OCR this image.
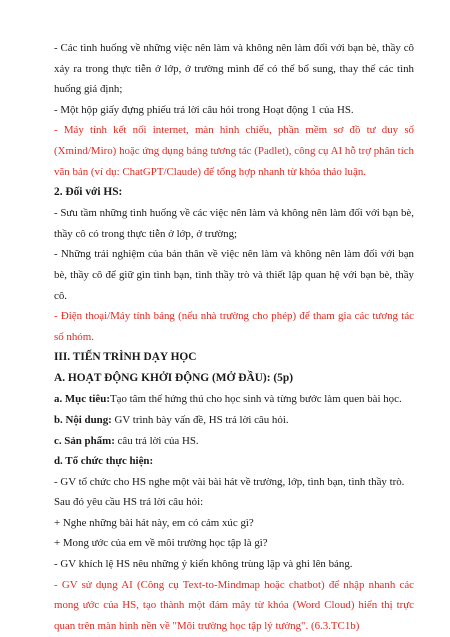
- Các tình huống về những việc nên làm và không nên làm đối với bạn bè, thầy cô xảy ra trong thực tiễn ở lớp, ở trường mình để có thể bổ sung, thay thế các tình huống giả định;

- Một hộp giấy đựng phiếu trả lời câu hỏi trong Hoạt động 1 của HS.

- Máy tính kết nối internet, màn hình chiếu, phần mềm sơ đồ tư duy số (Xmind/Miro) hoặc ứng dụng bảng tương tác (Padlet), công cụ AI hỗ trợ phân tích văn bản (ví dụ: ChatGPT/Claude) để tổng hợp nhanh từ khóa thảo luận.

2. Đối với HS:

- Sưu tầm những tình huống về các việc nên làm và không nên làm đối với bạn bè, thầy cô có trong thực tiễn ở lớp, ở trường;

- Những trải nghiệm của bản thân về việc nên làm và không nên làm đối với bạn bè, thầy cô để giữ gìn tình bạn, tình thầy trò và thiết lập quan hệ với bạn bè, thầy cô.

- Điện thoại/Máy tính bảng (nếu nhà trường cho phép) để tham gia các tương tác số nhóm.

III. TIẾN TRÌNH DẠY HỌC

A. HOẠT ĐỘNG KHỞI ĐỘNG (MỞ ĐẦU): (5p)

a. Mục tiêu:Tạo tâm thế hứng thú cho học sinh và từng bước làm quen bài học.

b. Nội dung: GV trình bày vấn đề, HS trả lời câu hỏi.

c. Sản phẩm: câu trả lời của HS.

d. Tổ chức thực hiện:

- GV tổ chức cho HS nghe một vài bài hát về trường, lớp, tình bạn, tình thầy trò.

Sau đó yêu cầu HS trả lời câu hỏi:

+ Nghe những bài hát này, em có cảm xúc gì?

+ Mong ước của em về môi trường học tập là gì?

- GV khích lệ HS nêu những ý kiến không trùng lặp và ghi lên bảng.

- GV sử dụng AI (Công cụ Text-to-Mindmap hoặc chatbot) để nhập nhanh các mong ước của HS, tạo thành một đám mây từ khóa (Word Cloud) hiển thị trực quan trên màn hình nền về "Môi trường học tập lý tưởng". (6.3.TC1b)
